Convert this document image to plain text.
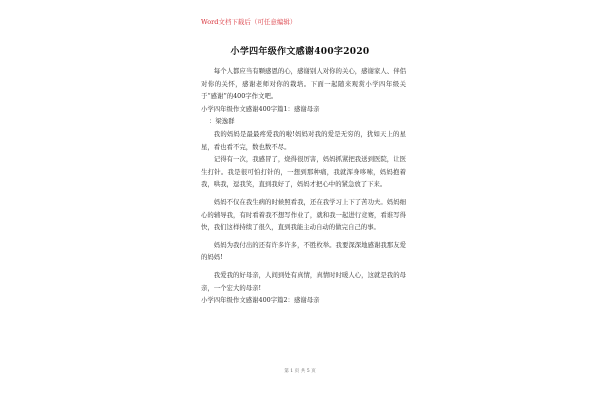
Word文档下载后（可任意编辑）
小学四年级作文感谢400字2020

每个人都应当有颗感恩的心，感谢别人对你的关心，感谢家人、伴侣对你的关怀，感谢老师对你的栽培。下面一起随来观赏小学四年级关于“感谢”的400字作文吧。

小学四年级作文感谢400字篇1：感谢母亲

：梁逸群

我的妈妈是最最疼爱我的啦!妈妈对我的爱是无穷的，犹如天上的星星，看也看不完，数也数不尽。

记得有一次，我感冒了，烧得很厉害，妈妈抓紧把我送到医院，让医生打针。我是很可怕打针的，一想到那种痛，我就浑身哆嗦，妈妈抱着我，哄我，逗我笑，直到我好了，妈妈才把心中的紧急放了下来。

妈妈不仅在我生病的时候照看我，还在我学习上下了苦功夫。妈妈细心的辅导我，有时看着我不想写作业了，就和我一起进行竞赛，看谁写得快，我们这样持续了很久，直到我能主动自动的做完自己的事。

妈妈为我付出的还有许多许多，不胜枚举。我要深深地感谢我那友爱的妈妈!

我爱我的好母亲，人间到处有真情，真情时时暖人心，这就是我的母亲，一个宏大的母亲!

小学四年级作文感谢400字篇2：感谢母亲

第 1 页 共 5 页
